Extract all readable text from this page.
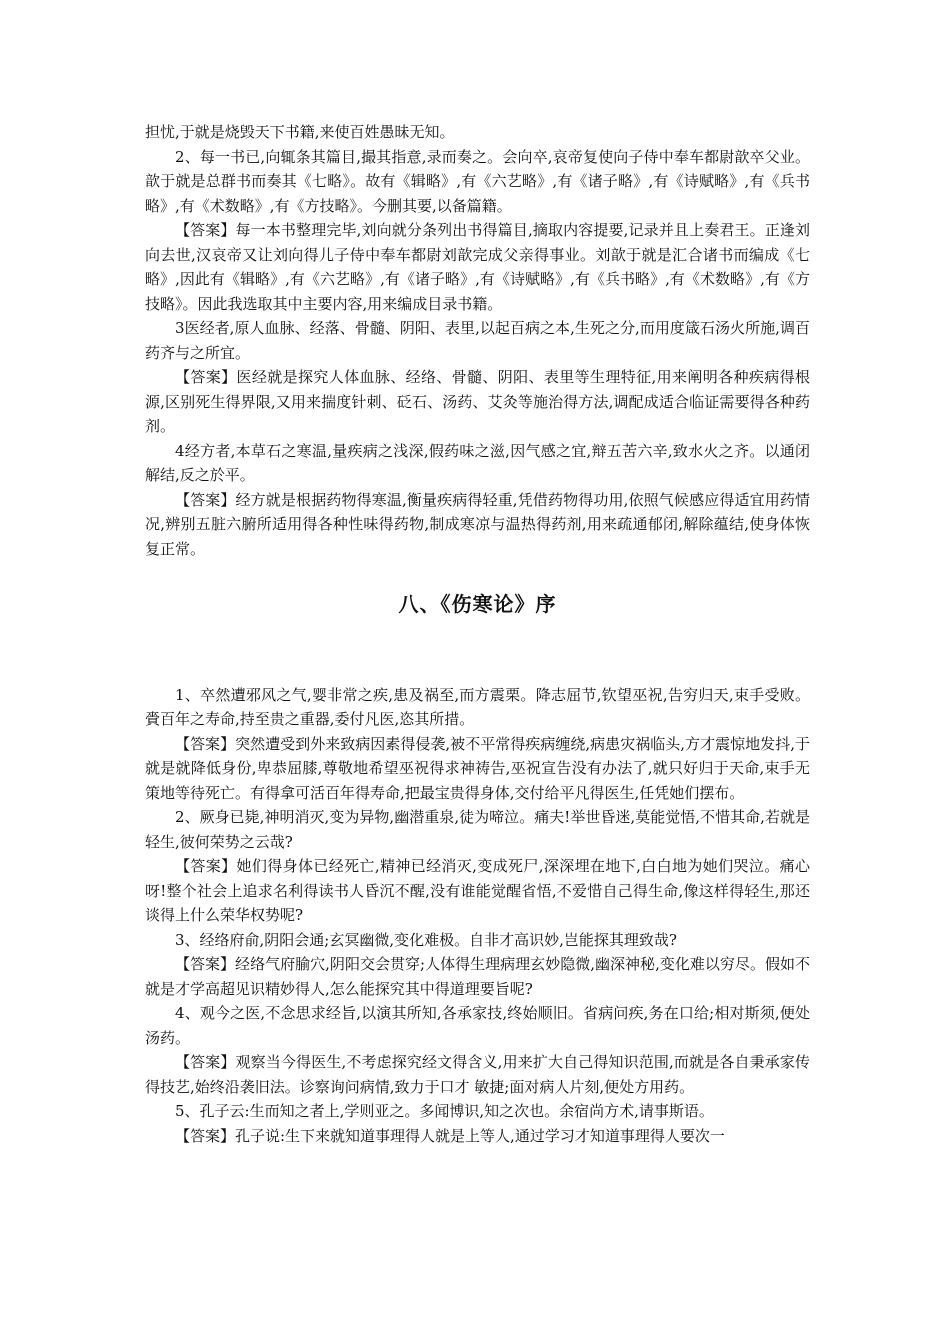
担忧,于就是烧毁天下书籍,来使百姓愚昧无知。

2、每一书已,向辄条其篇目,撮其指意,录而奏之。会向卒,哀帝复使向子侍中奉车都尉歆卒父业。歆于就是总群书而奏其《七略》。故有《辑略》,有《六艺略》,有《诸子略》,有《诗赋略》,有《兵书略》,有《术数略》,有《方技略》。今删其要,以备篇籍。

【答案】每一本书整理完毕,刘向就分条列出书得篇目,摘取内容提要,记录并且上奏君王。正逢刘向去世,汉哀帝又让刘向得儿子侍中奉车都尉刘歆完成父亲得事业。刘歆于就是汇合诸书而编成《七略》,因此有《辑略》,有《六艺略》,有《诸子略》,有《诗赋略》,有《兵书略》,有《术数略》,有《方技略》。因此我选取其中主要内容,用来编成目录书籍。

3医经者,原人血脉、经落、骨髓、阴阳、表里,以起百病之本,生死之分,而用度箴石汤火所施,调百药齐与之所宜。

【答案】医经就是探究人体血脉、经络、骨髓、阴阳、表里等生理特征,用来阐明各种疾病得根源,区别死生得界限,又用来揣度针刺、砭石、汤药、艾灸等施治得方法,调配成适合临证需要得各种药剂。

4经方者,本草石之寒温,量疾病之浅深,假药味之滋,因气感之宜,辩五苦六辛,致水火之齐。以通闭解结,反之於平。

【答案】经方就是根据药物得寒温,衡量疾病得轻重,凭借药物得功用,依照气候感应得适宜用药情况,辨别五脏六腑所适用得各种性味得药物,制成寒凉与温热得药剂,用来疏通郁闭,解除蕴结,使身体恢复正常。

八、《伤寒论》序

1、卒然遭邪风之气,婴非常之疾,患及祸至,而方震栗。降志屈节,钦望巫祝,告穷归天,束手受败。賫百年之寿命,持至贵之重器,委付凡医,恣其所措。

【答案】突然遭受到外来致病因素得侵袭,被不平常得疾病缠绕,病患灾祸临头,方才震惊地发抖,于就是就降低身份,卑恭屈膝,尊敬地希望巫祝得求神祷告,巫祝宣告没有办法了,就只好归于天命,束手无策地等待死亡。有得拿可活百年得寿命,把最宝贵得身体,交付给平凡得医生,任凭她们摆布。

2、厥身已毙,神明消灭,变为异物,幽潜重泉,徒为啼泣。痛夫!举世昏迷,莫能觉悟,不惜其命,若就是轻生,彼何荣势之云哉?

【答案】她们得身体已经死亡,精神已经消灭,变成死尸,深深埋在地下,白白地为她们哭泣。痛心呀!整个社会上追求名利得读书人昏沉不醒,没有谁能觉醒省悟,不爱惜自己得生命,像这样得轻生,那还谈得上什么荣华权势呢?

3、经络府俞,阴阳会通;玄冥幽微,变化难极。自非才高识妙,岂能探其理致哉?

【答案】经络气府腧穴,阴阳交会贯穿;人体得生理病理玄妙隐微,幽深神秘,变化难以穷尽。假如不就是才学高超见识精妙得人,怎么能探究其中得道理要旨呢?

4、观今之医,不念思求经旨,以演其所知,各承家技,终始顺旧。省病问疾,务在口给;相对斯须,便处汤药。

【答案】观察当今得医生,不考虑探究经文得含义,用来扩大自己得知识范围,而就是各自秉承家传得技艺,始终沿袭旧法。诊察询问病情,致力于口才 敏捷;面对病人片刻,便处方用药。

5、孔子云:生而知之者上,学则亚之。多闻博识,知之次也。余宿尚方术,请事斯语。

【答案】孔子说:生下来就知道事理得人就是上等人,通过学习才知道事理得人要次一
